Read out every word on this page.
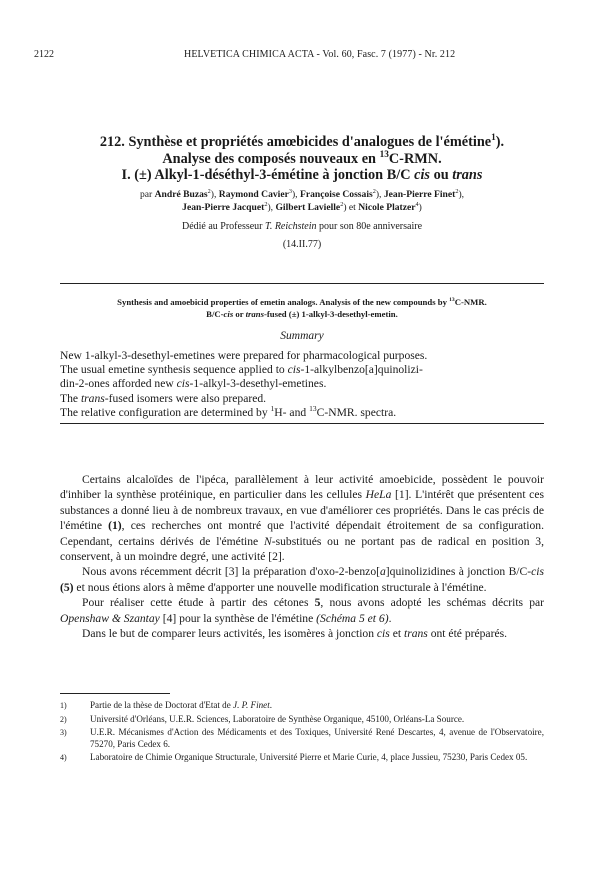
2122	HELVETICA CHIMICA ACTA - Vol. 60, Fasc. 7 (1977) - Nr. 212
212. Synthèse et propriétés amœbicides d'analogues de l'émétine$^1$).
Analyse des composés nouveaux en $^{13}$C-RMN.
I. (±) Alkyl-1-déséthyl-3-émétine à jonction B/C cis ou trans
par André Buzas$^2$), Raymond Cavier$^3$), Françoise Cossais$^2$), Jean-Pierre Finet$^2$),
Jean-Pierre Jacquet$^2$), Gilbert Lavielle$^2$) et Nicole Platzer$^4$)
Dédié au Professeur T. Reichstein pour son 80e anniversaire
(14.II.77)
Synthesis and amoebicid properties of emetin analogs. Analysis of the new compounds by $^{13}$C-NMR.
B/C-cis or trans-fused (±) 1-alkyl-3-desethyl-emetin.
Summary
New 1-alkyl-3-desethyl-emetines were prepared for pharmacological purposes.
The usual emetine synthesis sequence applied to cis-1-alkylbenzo[a]quinolizi-
din-2-ones afforded new cis-1-alkyl-3-desethyl-emetines.
The trans-fused isomers were also prepared.
The relative configuration are determined by $^1$H- and $^{13}$C-NMR. spectra.

Certains alcaloïdes de l'ipéca, parallèlement à leur activité amoebicide, possèdent le pouvoir d'inhiber la synthèse protéinique, en particulier dans les cellules HeLa [1]. L'intérêt que présentent ces substances a donné lieu à de nombreux travaux, en vue d'améliorer ces propriétés. Dans le cas précis de l'émétine (1), ces recherches ont montré que l'activité dépendait étroitement de sa configuration. Cependant, certains dérivés de l'émétine N-substitués ou ne portant pas de radical en position 3, conservent, à un moindre degré, une activité [2].

Nous avons récemment décrit [3] la préparation d'oxo-2-benzo[a]quinolizidines à jonction B/C-cis (5) et nous étions alors à même d'apporter une nouvelle modification structurale à l'émétine.

Pour réaliser cette étude à partir des cétones 5, nous avons adopté les schémas décrits par Openshaw & Szantay [4] pour la synthèse de l'émétine (Schéma 5 et 6).

Dans le but de comparer leurs activités, les isomères à jonction cis et trans ont été préparés.

1)	Partie de la thèse de Doctorat d'Etat de J. P. Finet.
2)	Université d'Orléans, U.E.R. Sciences, Laboratoire de Synthèse Organique, 45100, Orléans-La Source.
3)	U.E.R. Mécanismes d'Action des Médicaments et des Toxiques, Université René Descartes, 4, avenue de l'Observatoire, 75270, Paris Cedex 6.
4)	Laboratoire de Chimie Organique Structurale, Université Pierre et Marie Curie, 4, place Jussieu, 75230, Paris Cedex 05.
